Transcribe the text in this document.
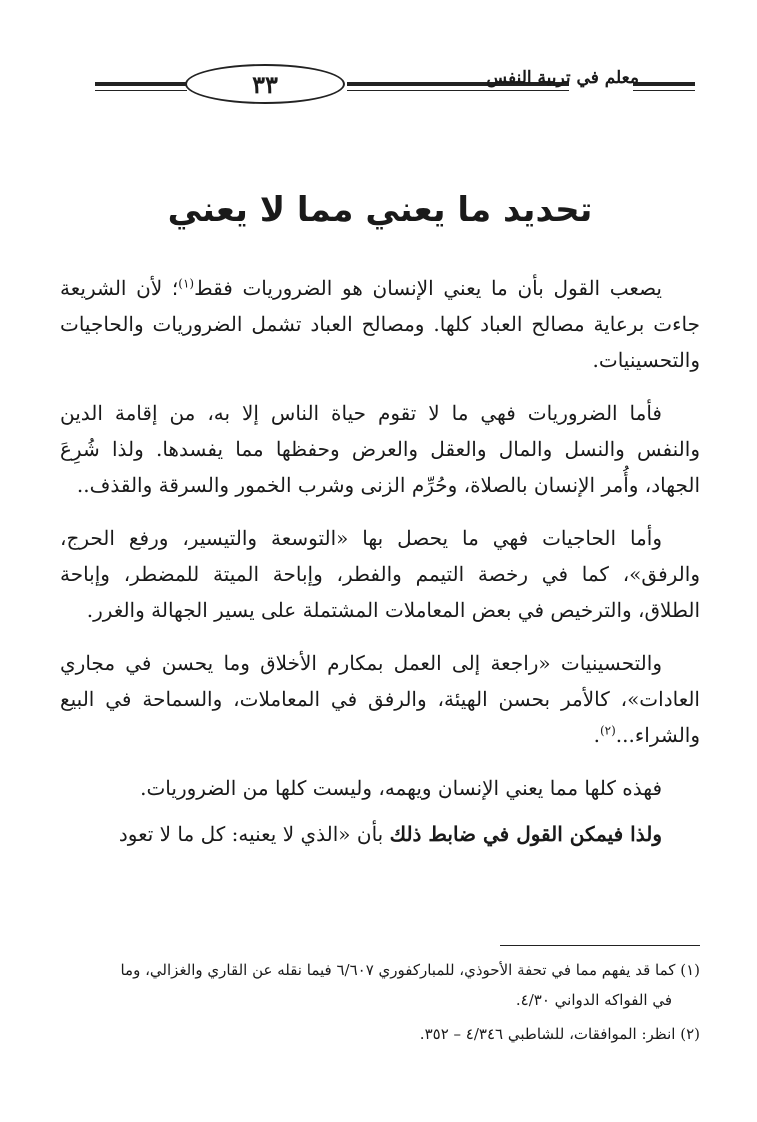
٣٣	معلم في تربية النفس
تحديد ما يعني مما لا يعني

يصعب القول بأن ما يعني الإنسان هو الضروريات فقط$^{(١)}$؛ لأن الشريعة جاءت برعاية مصالح العباد كلها. ومصالح العباد تشمل الضروريات والحاجيات والتحسينيات.

فأما الضروريات فهي ما لا تقوم حياة الناس إلا به، من إقامة الدين والنفس والنسل والمال والعقل والعرض وحفظها مما يفسدها. ولذا شُرِعَ الجهاد، وأُمر الإنسان بالصلاة، وحُرِّم الزنى وشرب الخمور والسرقة والقذف..

وأما الحاجيات فهي ما يحصل بها «التوسعة والتيسير، ورفع الحرج، والرفق»، كما في رخصة التيمم والفطر، وإباحة الميتة للمضطر، وإباحة الطلاق، والترخيص في بعض المعاملات المشتملة على يسير الجهالة والغرر.

والتحسينيات «راجعة إلى العمل بمكارم الأخلاق وما يحسن في مجاري العادات»، كالأمر بحسن الهيئة، والرفق في المعاملات، والسماحة في البيع والشراء...$^{(٢)}$.

فهذه كلها مما يعني الإنسان ويهمه، وليست كلها من الضروريات.

ولذا فيمكن القول في ضابط ذلك بأن «الذي لا يعنيه: كل ما لا تعود

(١) كما قد يفهم مما في تحفة الأحوذي، للمباركفوري ٦/٦٠٧ فيما نقله عن القاري والغزالي، وما
في الفواكه الدواني ٤/٣٠.

(٢) انظر: الموافقات، للشاطبي ٤/٣٤٦ – ٣٥٢.
